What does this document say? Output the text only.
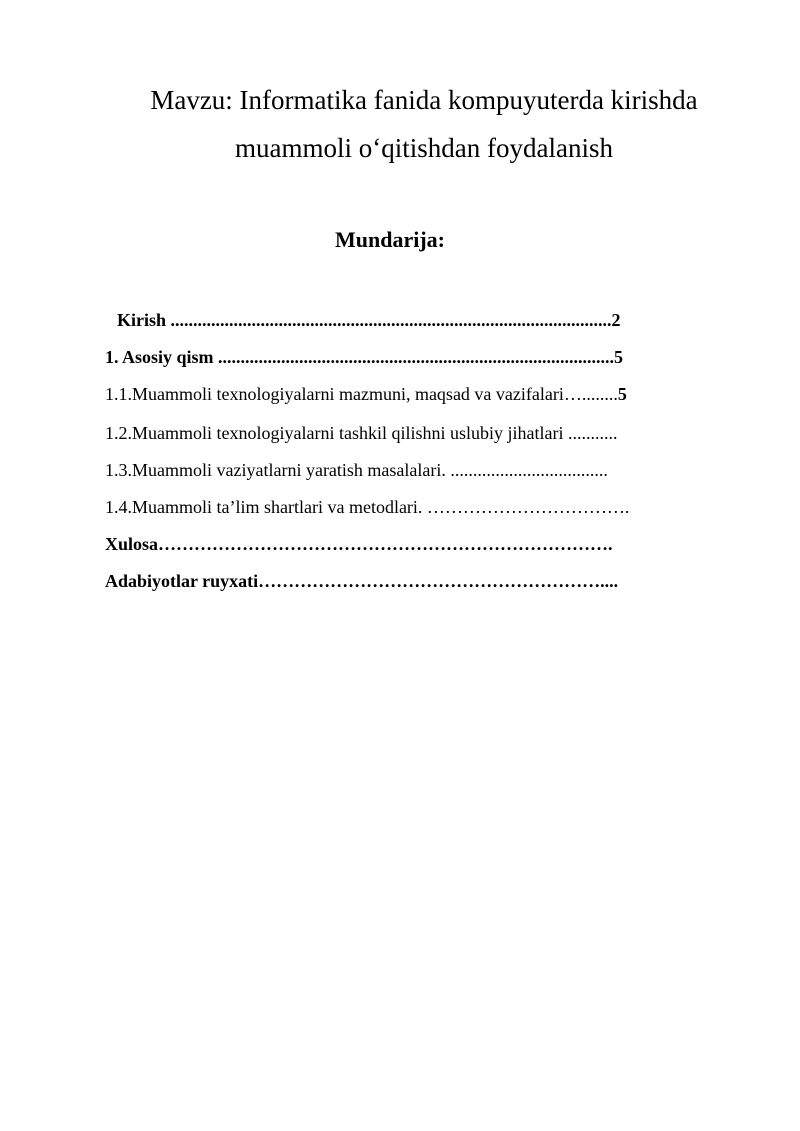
Mavzu: Informatika fanida kompuyuterda kirishda
muammoli o‘qitishdan foydalanish
Mundarija:
Kirish ..................................................................................................2
1. Asosiy qism ........................................................................................5
1.1.Muammoli texnologiyalarni mazmuni, maqsad va vazifalari…........5
1.2.Muammoli texnologiyalarni tashkil qilishni uslubiy jihatlari ...........
1.3.Muammoli vaziyatlarni yaratish masalalari. ...................................
1.4.Muammoli ta’lim shartlari va metodlari. …………………………….
Xulosa………………………………………………………………….
Adabiyotlar ruyxati…………………………………………………....
